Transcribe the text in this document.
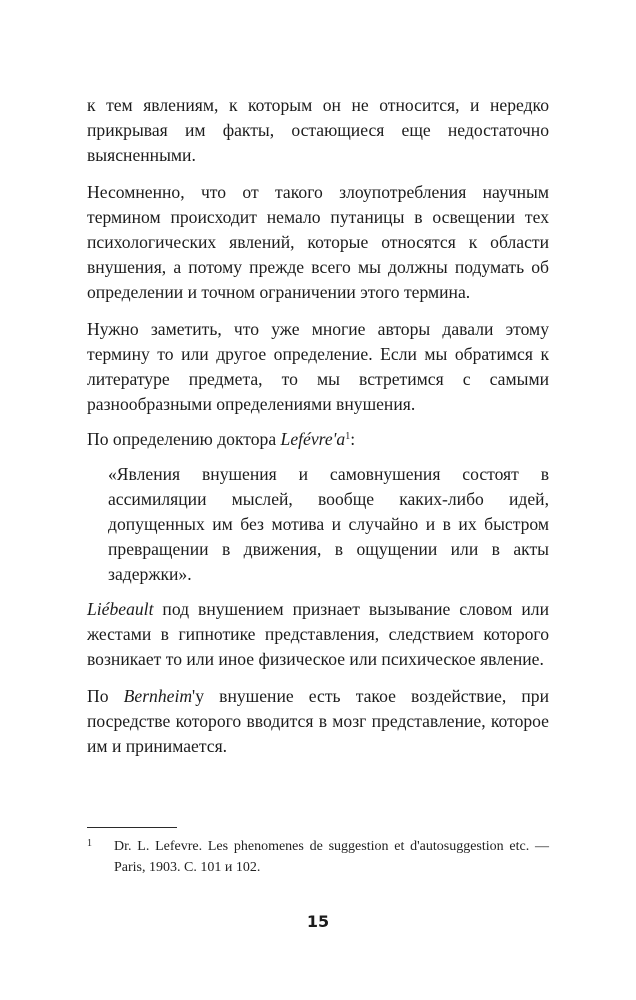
к тем явлениям, к которым он не относится, и нередко прикрывая им факты, остающиеся еще недостаточно выясненными.

Несомненно, что от такого злоупотребления научным термином происходит немало путаницы в освещении тех психологических явлений, которые относятся к области внушения, а потому прежде всего мы должны подумать об определении и точном ограничении этого термина.

Нужно заметить, что уже многие авторы давали этому термину то или другое определение. Если мы обратимся к литературе предмета, то мы встретимся с самыми разнообразными определениями внушения.

По определению доктора $Lefévre'a^1$:

«Явления внушения и самовнушения состоят в ассимиляции мыслей, вообще каких-либо идей, допущенных им без мотива и случайно и в их быстром превращении в движения, в ощущении или в акты задержки».

Liébeault под внушением признает вызывание словом или жестами в гипнотике представления, следствием которого возникает то или иное физическое или психическое явление.

По Bernheim'у внушение есть такое воздействие, при посредстве которого вводится в мозг представление, которое им и принимается.

1 Dr. L. Lefevre. Les phenomenes de suggestion et d'autosuggestion etc. — Paris, 1903. С. 101 и 102.
15
